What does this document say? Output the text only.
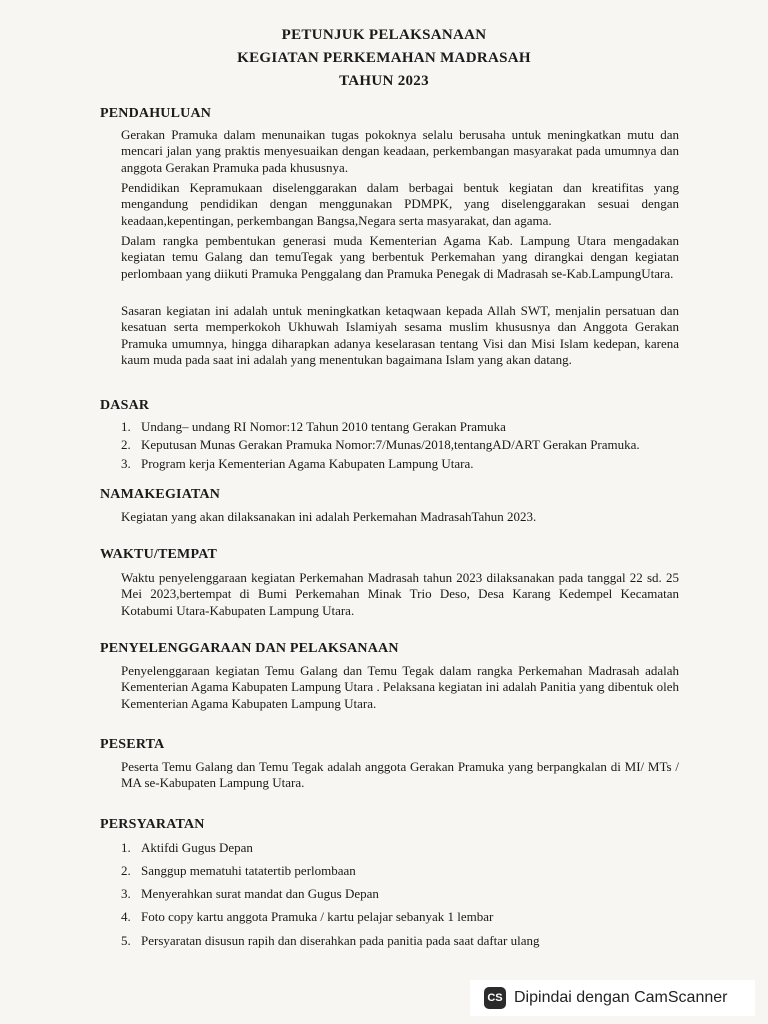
PETUNJUK PELAKSANAAN
KEGIATAN PERKEMAHAN MADRASAH
TAHUN 2023
PENDAHULUAN
Gerakan Pramuka dalam menunaikan tugas pokoknya selalu berusaha untuk meningkatkan mutu dan mencari jalan yang praktis menyesuaikan dengan keadaan, perkembangan masyarakat pada umumnya dan anggota Gerakan Pramuka pada khususnya.
Pendidikan Kepramukaan diselenggarakan dalam berbagai bentuk kegiatan dan kreatifitas yang mengandung pendidikan dengan menggunakan PDMPK, yang diselenggarakan sesuai dengan keadaan,kepentingan, perkembangan Bangsa,Negara serta masyarakat, dan agama.
Dalam rangka pembentukan generasi muda Kementerian Agama Kab. Lampung Utara mengadakan kegiatan temu Galang dan temuTegak yang berbentuk Perkemahan yang dirangkai dengan kegiatan perlombaan yang diikuti Pramuka Penggalang dan Pramuka Penegak di Madrasah se-Kab.LampungUtara.
Sasaran kegiatan ini adalah untuk meningkatkan ketaqwaan kepada Allah SWT, menjalin persatuan dan kesatuan serta memperkokoh Ukhuwah Islamiyah sesama muslim khususnya dan Anggota Gerakan Pramuka umumnya, hingga diharapkan adanya keselarasan tentang Visi dan Misi Islam kedepan, karena kaum muda pada saat ini adalah yang menentukan bagaimana Islam yang akan datang.
DASAR
1. Undang– undang RI Nomor:12 Tahun 2010 tentang Gerakan Pramuka
2. Keputusan Munas Gerakan Pramuka Nomor:7/Munas/2018,tentangAD/ART Gerakan Pramuka.
3. Program kerja Kementerian Agama Kabupaten Lampung Utara.
NAMAKEGIATAN
Kegiatan yang akan dilaksanakan ini adalah Perkemahan MadrasahTahun 2023.
WAKTU/TEMPAT
Waktu penyelenggaraan kegiatan Perkemahan Madrasah tahun 2023 dilaksanakan pada tanggal 22 sd. 25 Mei 2023,bertempat di Bumi Perkemahan Minak Trio Deso, Desa Karang Kedempel Kecamatan Kotabumi Utara-Kabupaten Lampung Utara.
PENYELENGGARAAN DAN PELAKSANAAN
Penyelenggaraan kegiatan Temu Galang dan Temu Tegak dalam rangka Perkemahan Madrasah adalah Kementerian Agama Kabupaten Lampung Utara . Pelaksana kegiatan ini adalah Panitia yang dibentuk oleh Kementerian Agama Kabupaten Lampung Utara.
PESERTA
Peserta Temu Galang dan Temu Tegak adalah anggota Gerakan Pramuka yang berpangkalan di MI/ MTs / MA se-Kabupaten Lampung Utara.
PERSYARATAN
1. Aktifdi Gugus Depan
2. Sanggup mematuhi tatatertib perlombaan
3. Menyerahkan surat mandat dan Gugus Depan
4. Foto copy kartu anggota Pramuka / kartu pelajar sebanyak 1 lembar
5. Persyaratan disusun rapih dan diserahkan pada panitia pada saat daftar ulang
CS Dipindai dengan CamScanner
